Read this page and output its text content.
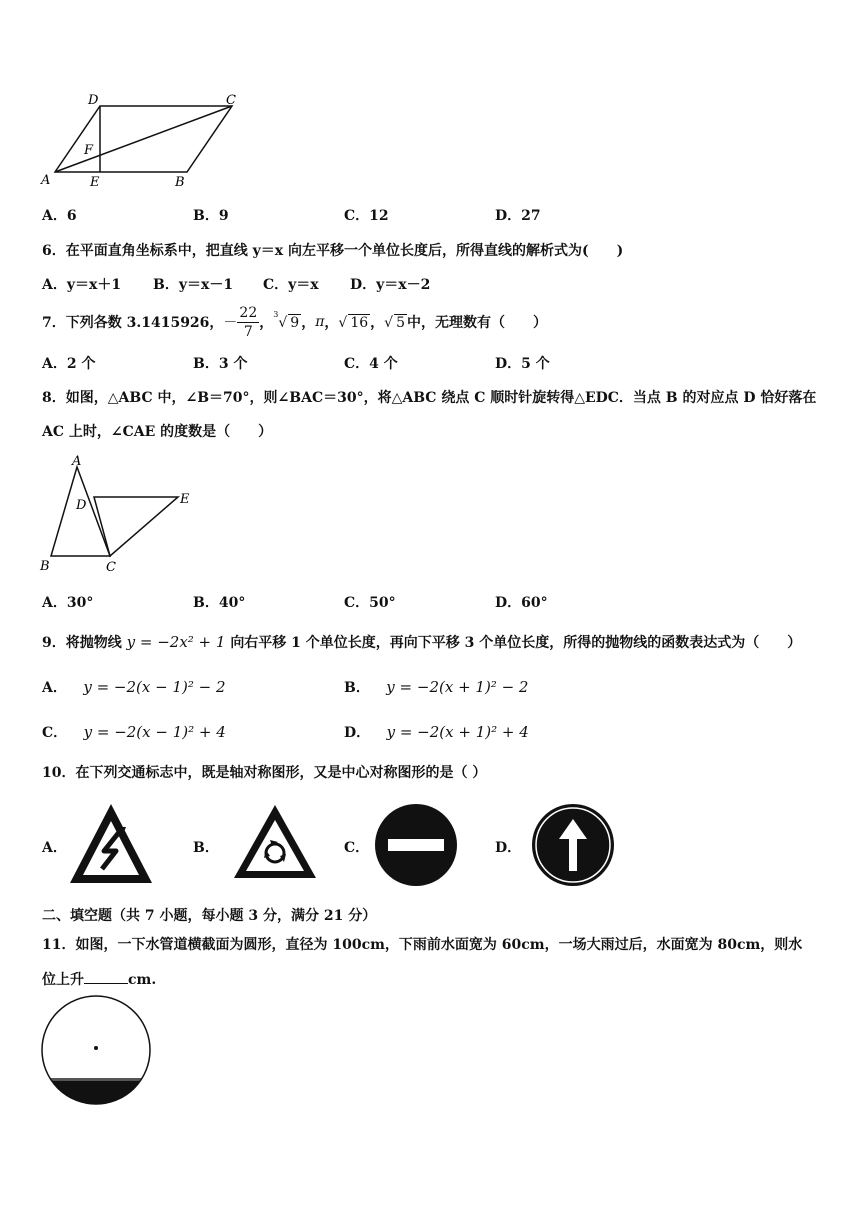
D	C
F
A	E	B
A．6	B．9	C．12	D．27
6．在平面直角坐标系中，把直线 y＝x 向左平移一个单位长度后，所得直线的解析式为(　　)
A．y＝x＋1 B．y＝x－1 C．y＝x D．y＝x－2
7．下列各数 3.1415926， － $\frac{22}{7}$ ，
$^3$√ 9 ， π ， √ 16 ， √ 5 中，无理数有（　　）
A．2 个	B．3 个	C．4 个	D．5 个
8．如图，△ABC 中，∠B＝70°，则∠BAC＝30°，将△ABC 绕点 C 顺时针旋转得△EDC．当点 B 的对应点 D 恰好落在
AC 上时，∠CAE 的度数是（　　）
A
D	E
B	C
A．30°	B．40°	C．50°	D．60°
9．将抛物线 y = −2x² + 1 向右平移 1 个单位长度，再向下平移 3 个单位长度，所得的抛物线的函数表达式为（　　）
A． y = −2(x − 1)² − 2	B． y = −2(x + 1)² − 2
C． y = −2(x − 1)² + 4	D． y = −2(x + 1)² + 4
10．在下列交通标志中，既是轴对称图形，又是中心对称图形的是（ ）
A．	B．	C．	D．
二、填空题（共 7 小题，每小题 3 分，满分 21 分）
11．如图，一下水管道横截面为圆形，直径为 100cm，下雨前水面宽为 60cm，一场大雨过后，水面宽为 80cm，则水
位上升	cm.
